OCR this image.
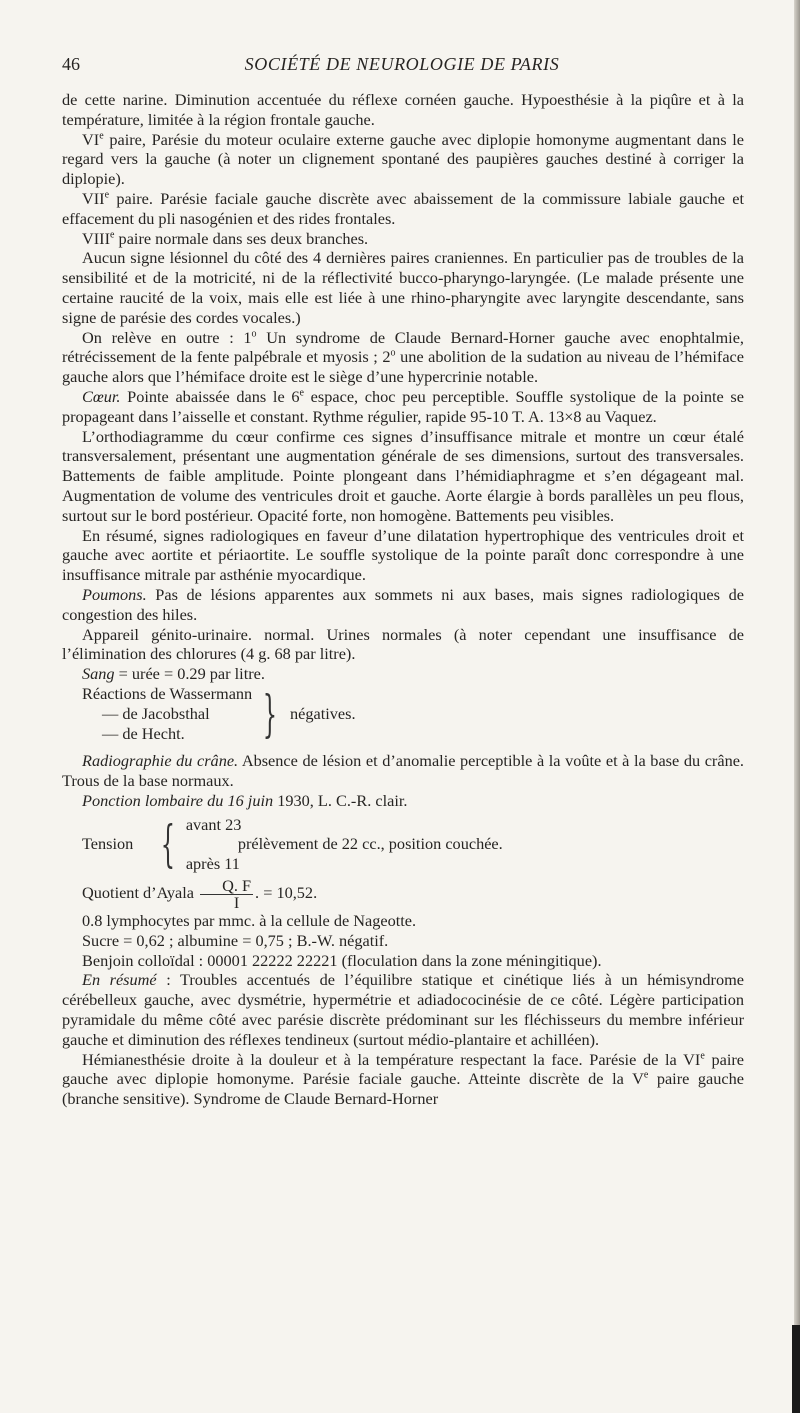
46	SOCIÉTÉ DE NEUROLOGIE DE PARIS

de cette narine. Diminution accentuée du réflexe cornéen gauche. Hypoesthésie à la piqûre et à la température, limitée à la région frontale gauche.

VIe paire, Parésie du moteur oculaire externe gauche avec diplopie homonyme augmentant dans le regard vers la gauche (à noter un clignement spontané des paupières gauches destiné à corriger la diplopie).

VIIe paire. Parésie faciale gauche discrète avec abaissement de la commissure labiale gauche et effacement du pli nasogénien et des rides frontales.

VIIIe paire normale dans ses deux branches.

Aucun signe lésionnel du côté des 4 dernières paires craniennes. En particulier pas de troubles de la sensibilité et de la motricité, ni de la réflectivité bucco-pharyngo-laryngée. (Le malade présente une certaine raucité de la voix, mais elle est liée à une rhino-pharyngite avec laryngite descendante, sans signe de parésie des cordes vocales.)

On relève en outre : 1$^o$ Un syndrome de Claude Bernard-Horner gauche avec enophtalmie, rétrécissement de la fente palpébrale et myosis ; 2$^o$ une abolition de la sudation au niveau de l’hémiface gauche alors que l’hémiface droite est le siège d’une hypercrinie notable.

Cœur. Pointe abaissée dans le 6e espace, choc peu perceptible. Souffle systolique de la pointe se propageant dans l’aisselle et constant. Rythme régulier, rapide 95-10 T. A. 13×8 au Vaquez.

L’orthodiagramme du cœur confirme ces signes d’insuffisance mitrale et montre un cœur étalé transversalement, présentant une augmentation générale de ses dimensions, surtout des transversales. Battements de faible amplitude. Pointe plongeant dans l’hémidiaphragme et s’en dégageant mal. Augmentation de volume des ventricules droit et gauche. Aorte élargie à bords parallèles un peu flous, surtout sur le bord postérieur. Opacité forte, non homogène. Battements peu visibles.

En résumé, signes radiologiques en faveur d’une dilatation hypertrophique des ventricules droit et gauche avec aortite et périaortite. Le souffle systolique de la pointe paraît donc correspondre à une insuffisance mitrale par asthénie myocardique.

Poumons. Pas de lésions apparentes aux sommets ni aux bases, mais signes radiologiques de congestion des hiles.

Appareil génito-urinaire. normal. Urines normales (à noter cependant une insuffisance de l’élimination des chlorures (4 g. 68 par litre).

Sang = urée = 0.29 par litre.

Réactions de Wassermann
— de Jacobsthal
— de Hecht.	} négatives.

Radiographie du crâne. Absence de lésion et d’anomalie perceptible à la voûte et à la base du crâne. Trous de la base normaux.

Ponction lombaire du 16 juin 1930, L. C.-R. clair.

Tension { avant 23
prélèvement de 22 cc., position couchée.
après 11

Quotient d’Ayala $\frac{Q. F}{I}$ . = 10,52.

0.8 lymphocytes par mmc. à la cellule de Nageotte.

Sucre = 0,62 ; albumine = 0,75 ; B.-W. négatif.

Benjoin colloïdal : 00001 22222 22221 (floculation dans la zone méningitique).

En résumé : Troubles accentués de l’équilibre statique et cinétique liés à un hémisyndrome cérébelleux gauche, avec dysmétrie, hypermétrie et adiadococinésie de ce côté. Légère participation pyramidale du même côté avec parésie discrète prédominant sur les fléchisseurs du membre inférieur gauche et diminution des réflexes tendineux (surtout médio-plantaire et achilléen).

Hémianesthésie droite à la douleur et à la température respectant la face. Parésie de la VIe paire gauche avec diplopie homonyme. Parésie faciale gauche. Atteinte discrète de la Ve paire gauche (branche sensitive). Syndrome de Claude Bernard-Horner
